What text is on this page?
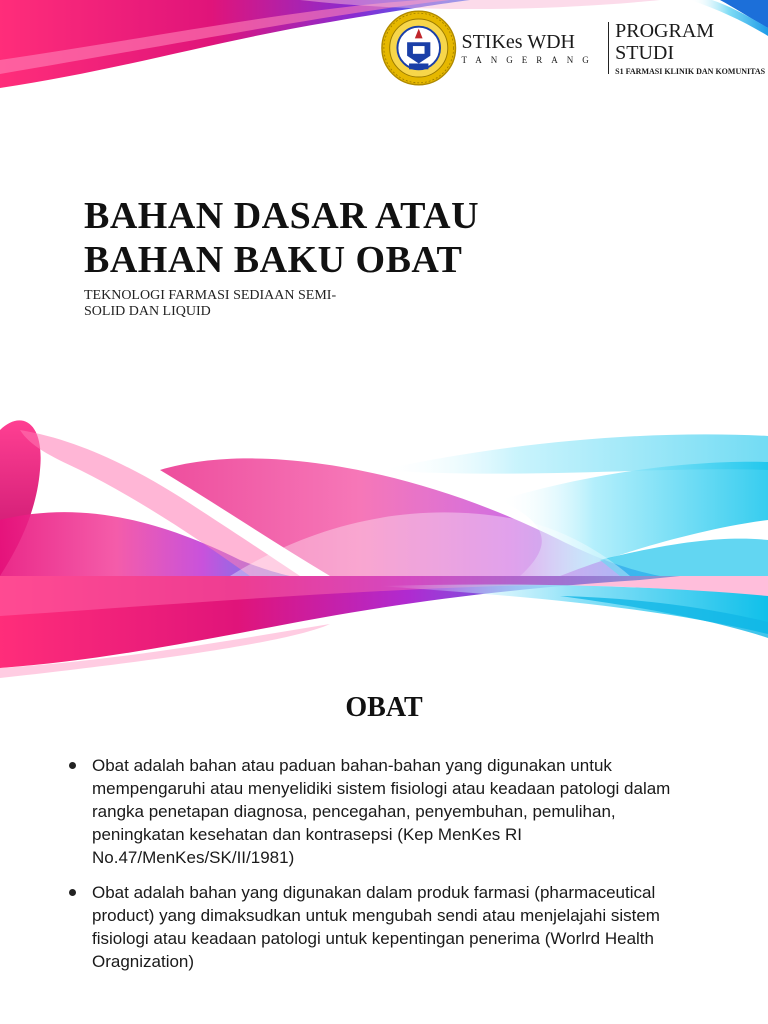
STIKes WDH
TANGERANG
PROGRAM STUDI
S1 FARMASI KLINIK DAN KOMUNITAS
BAHAN DASAR ATAU
BAHAN BAKU OBAT

TEKNOLOGI FARMASI SEDIAAN SEMI-
SOLID DAN LIQUID

OBAT
Obat adalah bahan atau paduan bahan-bahan yang digunakan untuk mempengaruhi atau menyelidiki sistem fisiologi atau keadaan patologi dalam rangka penetapan diagnosa, pencegahan, penyembuhan, pemulihan, peningkatan kesehatan dan kontrasepsi (Kep MenKes RI No.47/MenKes/SK/II/1981)
Obat adalah bahan yang digunakan dalam produk farmasi (pharmaceutical product) yang dimaksudkan untuk mengubah sendi atau menjelajahi sistem fisiologi atau keadaan patologi untuk kepentingan penerima (Worlrd Health Oragnization)
